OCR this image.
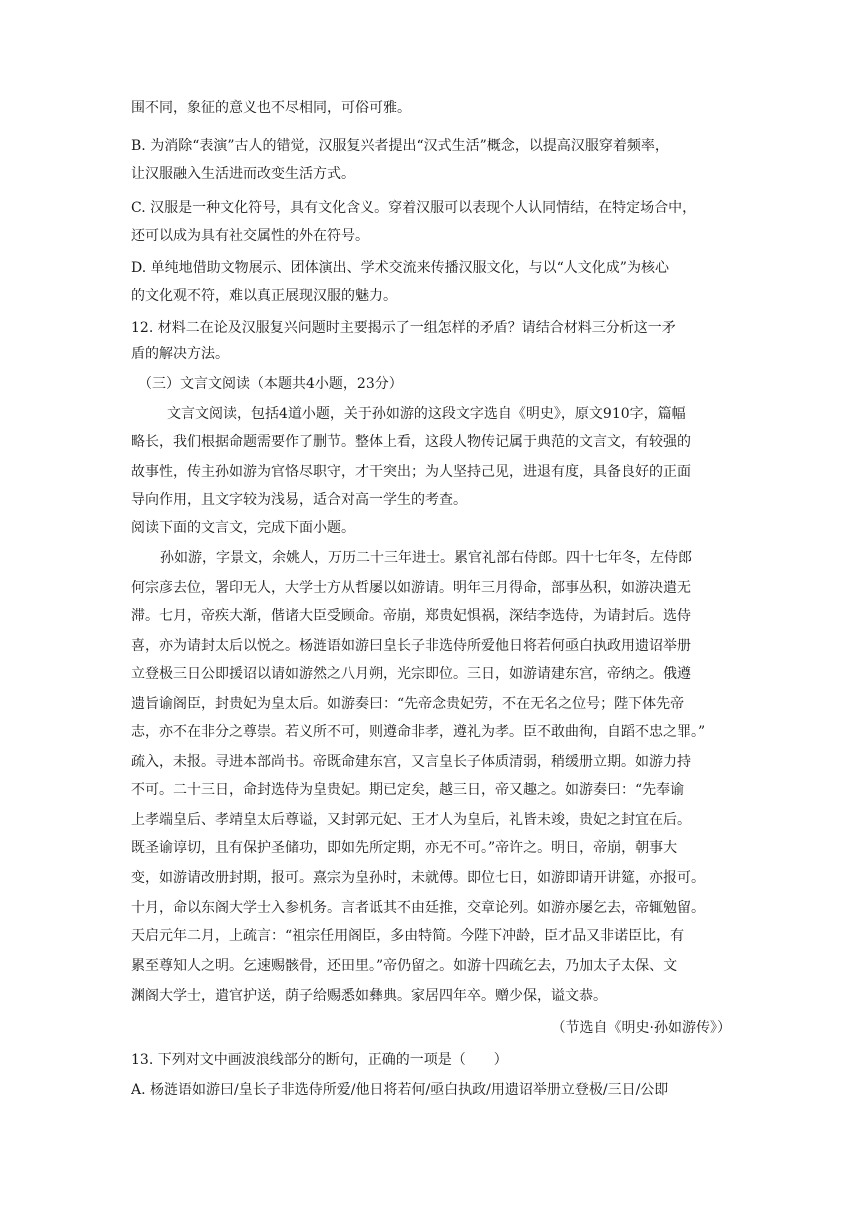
围不同，象征的意义也不尽相同，可俗可雅。
B. 为消除“表演”古人的错觉，汉服复兴者提出“汉式生活”概念，以提高汉服穿着频率，
让汉服融入生活进而改变生活方式。
C. 汉服是一种文化符号，具有文化含义。穿着汉服可以表现个人认同情结，在特定场合中，
还可以成为具有社交属性的外在符号。
D. 单纯地借助文物展示、团体演出、学术交流来传播汉服文化，与以“人文化成”为核心
的文化观不符，难以真正展现汉服的魅力。
12. 材料二在论及汉服复兴问题时主要揭示了一组怎样的矛盾？请结合材料三分析这一矛
盾的解决方法。
（三）文言文阅读（本题共4小题，23分）
文言文阅读，包括4道小题，关于孙如游的这段文字选自《明史》，原文910字，篇幅
略长，我们根据命题需要作了删节。整体上看，这段人物传记属于典范的文言文，有较强的
故事性，传主孙如游为官恪尽职守，才干突出；为人坚持己见，进退有度，具备良好的正面
导向作用，且文字较为浅易，适合对高一学生的考查。
阅读下面的文言文，完成下面小题。
孙如游，字景文，余姚人，万历二十三年进士。累官礼部右侍郎。四十七年冬，左侍郎
何宗彦去位，署印无人，大学士方从哲屡以如游请。明年三月得命，部事丛积，如游决遣无
滞。七月，帝疾大渐，偕诸大臣受顾命。帝崩，郑贵妃惧祸，深结李选侍，为请封后。选侍
喜，亦为请封太后以悦之。杨涟语如游曰皇长子非选侍所爱他日将若何亟白执政用遗诏举册
立登极三日公即援诏以请如游然之八月朔，光宗即位。三日，如游请建东宫，帝纳之。俄遵
遗旨谕阁臣，封贵妃为皇太后。如游奏曰：“先帝念贵妃劳，不在无名之位号；陛下体先帝
志，亦不在非分之尊崇。若义所不可，则遵命非孝，遵礼为孝。臣不敢曲徇，自蹈不忠之罪。”
疏入，未报。寻进本部尚书。帝既命建东宫，又言皇长子体质清弱，稍缓册立期。如游力持
不可。二十三日，命封选侍为皇贵妃。期已定矣，越三日，帝又趣之。如游奏曰：“先奉谕
上孝端皇后、孝靖皇太后尊谥，又封郭元妃、王才人为皇后，礼皆未竣，贵妃之封宜在后。
既圣谕谆切，且有保护圣储功，即如先所定期，亦无不可。”帝许之。明日，帝崩，朝事大
变，如游请改册封期，报可。熹宗为皇孙时，未就傅。即位七日，如游即请开讲筵，亦报可。
十月，命以东阁大学士入参机务。言者诋其不由廷推，交章论列。如游亦屡乞去，帝辄勉留。
天启元年二月，上疏言：“祖宗任用阁臣，多由特简。今陛下冲龄，臣才品又非诺臣比，有
累至尊知人之明。乞速赐骸骨，还田里。”帝仍留之。如游十四疏乞去，乃加太子太保、文
渊阁大学士，遣官护送，荫子给赐悉如彝典。家居四年卒。赠少保，谥文恭。
（节选自《明史·孙如游传》）
13. 下列对文中画波浪线部分的断句，正确的一项是（　　）
A. 杨涟语如游曰/皇长子非选侍所爱/他日将若何/亟白执政/用遗诏举册立登极/三日/公即
